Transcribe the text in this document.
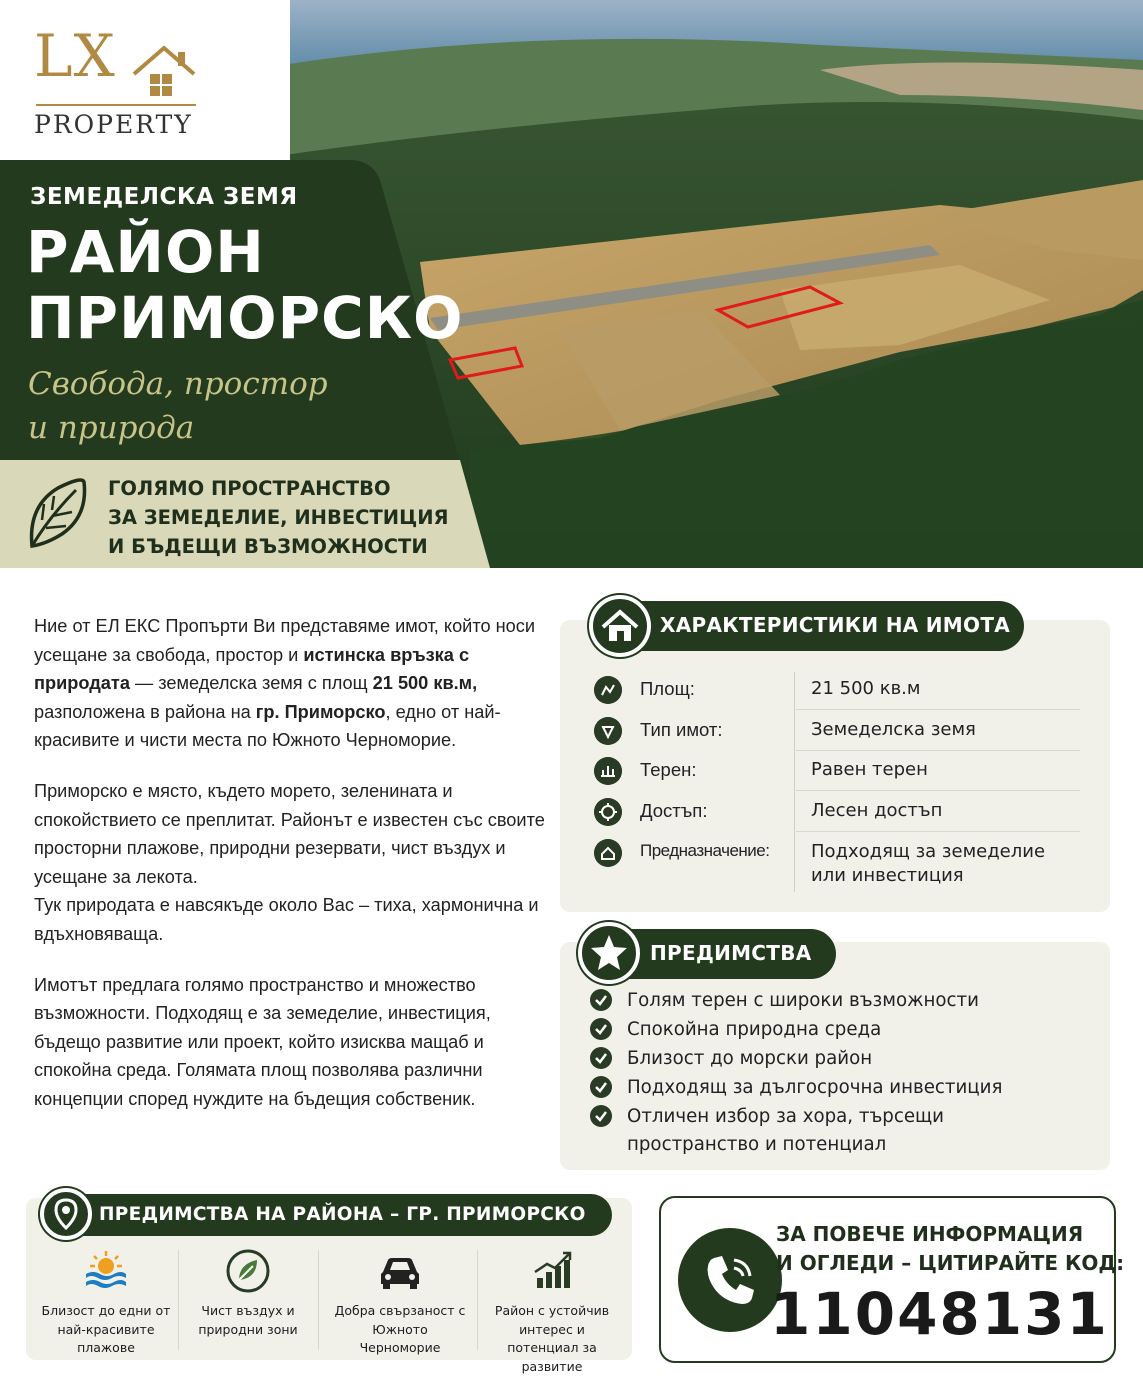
LX
PROPERTY
ЗЕМЕДЕЛСКА ЗЕМЯ
РАЙОН
ПРИМОРСКО
Свобода, простор
и природа
ГОЛЯМО ПРОСТРАНСТВО
ЗА ЗЕМЕДЕЛИЕ, ИНВЕСТИЦИЯ
И БЪДЕЩИ ВЪЗМОЖНОСТИ

Ние от ЕЛ ЕКС Пропърти Ви представяме имот, който носи усещане за свобода, простор и истинска връзка с природата — земеделска земя с площ 21 500 кв.м, разположена в района на гр. Приморско, едно от най-красивите и чисти места по Южното Черноморие.

Приморско е място, където морето, зеленината и спокойствието се преплитат. Районът е известен със своите просторни плажове, природни резервати, чист въздух и усещане за лекота.
Тук природата е навсякъде около Вас – тиха, хармонична и вдъхновяваща.

Имотът предлага голямо пространство и множество възможности. Подходящ е за земеделие, инвестиция, бъдещо развитие или проект, който изисква мащаб и спокойна среда. Голямата площ позволява различни концепции според нуждите на бъдещия собственик.

ХАРАКТЕРИСТИКИ НА ИМОТА
Площ:	21 500 кв.м
Тип имот:	Земеделска земя
Терен:	Равен терен
Достъп:	Лесен достъп
Предназначение: Подходящ за земеделие или инвестиция
ПРЕДИМСТВА
Голям терен с широки възможности
Спокойна природна среда
Близост до морски район
Подходящ за дългосрочна инвестиция
Отличен избор за хора, търсещи пространство и потенциал
ПРЕДИМСТВА НА РАЙОНА – ГР. ПРИМОРСКО
Близост до едни от най-красивите плажове
Чист въздух и природни зони
Добра свързаност с Южното Черноморие
Район с устойчив интерес и потенциал за развитие
ЗА ПОВЕЧЕ ИНФОРМАЦИЯ
И ОГЛЕДИ – ЦИТИРАЙТЕ КОД:
11048131
